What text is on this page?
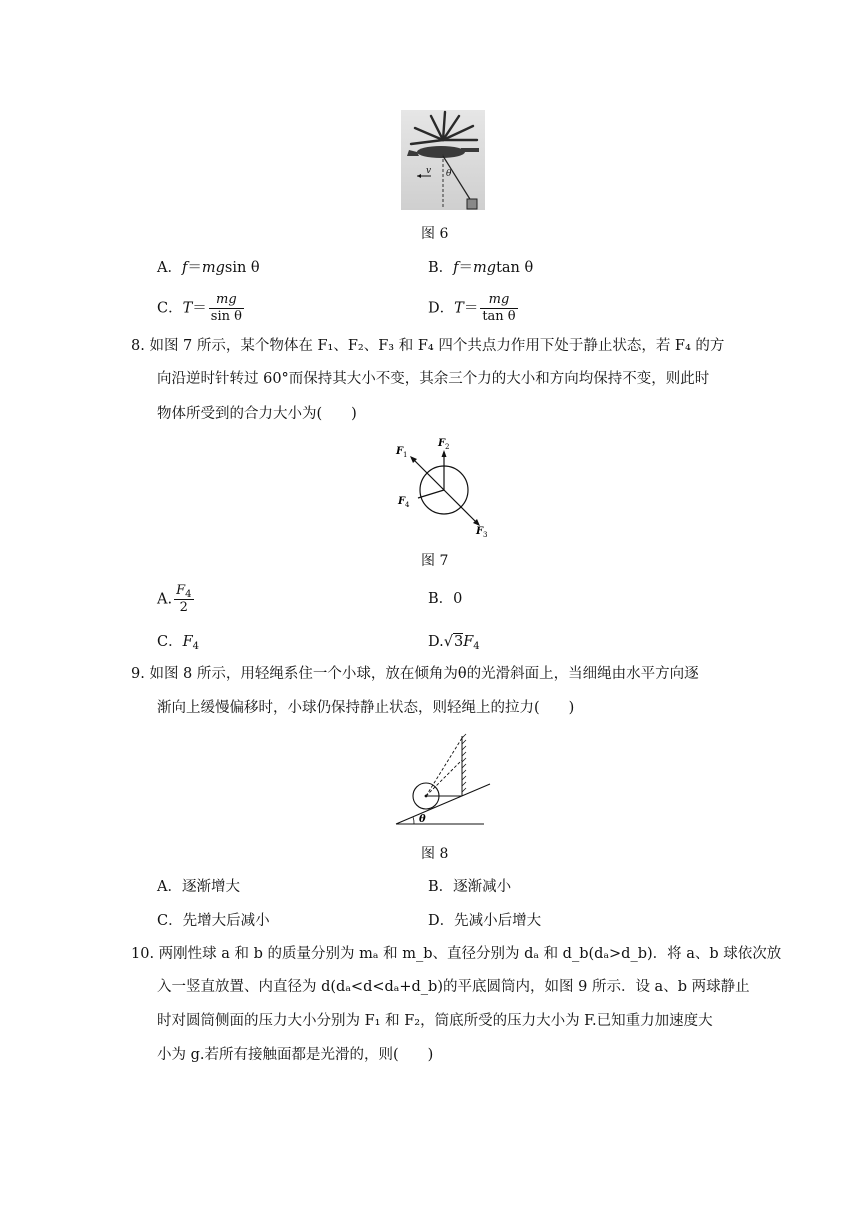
v θ
图 6
A．f＝mgsin θ	B．f＝mgtan θ
C．$T= \frac{mg}{\text{sin θ}}$	D．$T= \frac{mg}{\text{tan θ}}$
8. 如图 7 所示，某个物体在 F₁、F₂、F₃ 和 F₄ 四个共点力作用下处于静止状态，若 F₄ 的方
向沿逆时针转过 60°而保持其大小不变，其余三个力的大小和方向均保持不变，则此时
物体所受到的合力大小为(　　)
F 1
F 2
F 3
F 4
图 7
A. $\frac{F_4}{2}$	B．0
C．$F_4$	$D.√3F_4$
9. 如图 8 所示，用轻绳系住一个小球，放在倾角为θ的光滑斜面上，当细绳由水平方向逐
渐向上缓慢偏移时，小球仍保持静止状态，则轻绳上的拉力(　　)
θ
图 8
A．逐渐增大	B．逐渐减小
C．先增大后减小	D．先减小后增大
10. 两刚性球 a 和 b 的质量分别为 mₐ 和 m_b、直径分别为 dₐ 和 d_b(dₐ>d_b)．将 a、b 球依次放
入一竖直放置、内直径为 d(dₐ<d<dₐ+d_b)的平底圆筒内，如图 9 所示．设 a、b 两球静止
时对圆筒侧面的压力大小分别为 F₁ 和 F₂，筒底所受的压力大小为 F.已知重力加速度大
小为 g.若所有接触面都是光滑的，则(　　)
